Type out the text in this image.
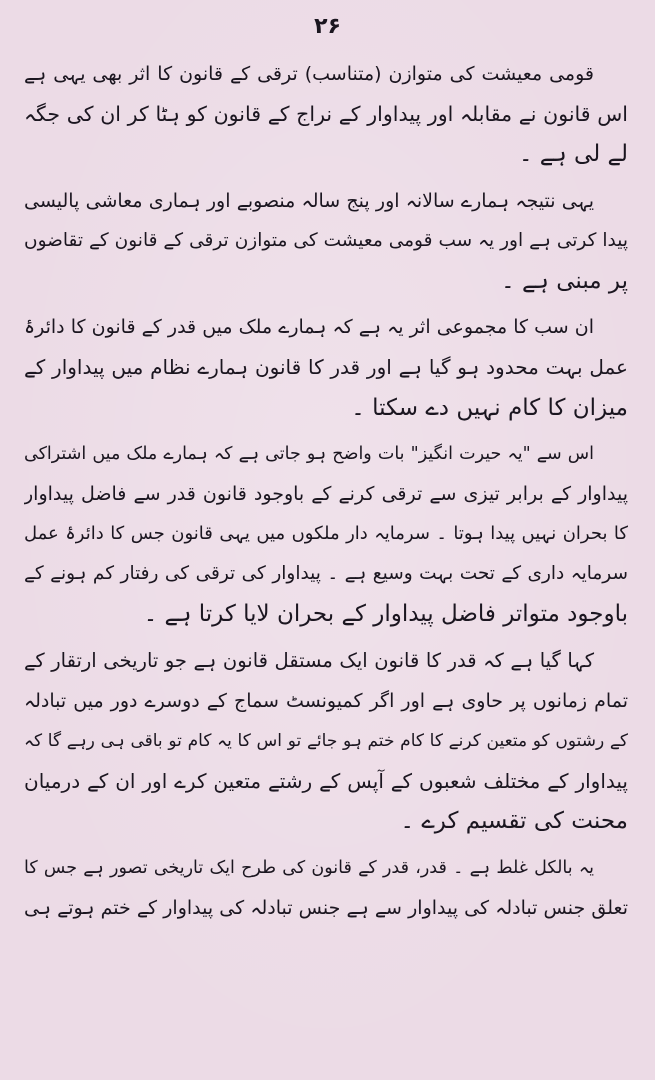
۲۶
قومی معیشت کی متوازن (متناسب) ترقی کے قانون کا اثر بھی یہی ہے
اس قانون نے مقابلہ اور پیداوار کے نراج کے قانون کو ہٹا کر ان کی جگہ
لے لی ہے ۔
یہی نتیجہ ہمارے سالانہ اور پنج سالہ منصوبے اور ہماری معاشی پالیسی
پیدا کرتی ہے اور یہ سب قومی معیشت کی متوازن ترقی کے قانون کے تقاضوں
پر مبنی ہے ۔
ان سب کا مجموعی اثر یہ ہے کہ ہمارے ملک میں قدر کے قانون کا دائرۂ
عمل بہت محدود ہو گیا ہے اور قدر کا قانون ہمارے نظام میں پیداوار کے
میزان کا کام نہیں دے سکتا ۔
اس سے "یہ حیرت انگیز" بات واضح ہو جاتی ہے کہ ہمارے ملک میں اشتراکی
پیداوار کے برابر تیزی سے ترقی کرنے کے باوجود قانون قدر سے فاضل پیداوار
کا بحران نہیں پیدا ہوتا ۔ سرمایہ دار ملکوں میں یہی قانون جس کا دائرۂ عمل
سرمایہ داری کے تحت بہت وسیع ہے ۔ پیداوار کی ترقی کی رفتار کم ہونے کے
باوجود متواتر فاضل پیداوار کے بحران لایا کرتا ہے ۔
کہا گیا ہے کہ قدر کا قانون ایک مستقل قانون ہے جو تاریخی ارتقار کے
تمام زمانوں پر حاوی ہے اور اگر کمیونسٹ سماج کے دوسرے دور میں تبادلہ
کے رشتوں کو متعین کرنے کا کام ختم ہو جائے تو اس کا یہ کام تو باقی ہی رہے گا کہ
پیداوار کے مختلف شعبوں کے آپس کے رشتے متعین کرے اور ان کے درمیان
محنت کی تقسیم کرے ۔
یہ بالکل غلط ہے ۔ قدر، قدر کے قانون کی طرح ایک تاریخی تصور ہے جس کا
تعلق جنس تبادلہ کی پیداوار سے ہے جنس تبادلہ کی پیداوار کے ختم ہوتے ہی
